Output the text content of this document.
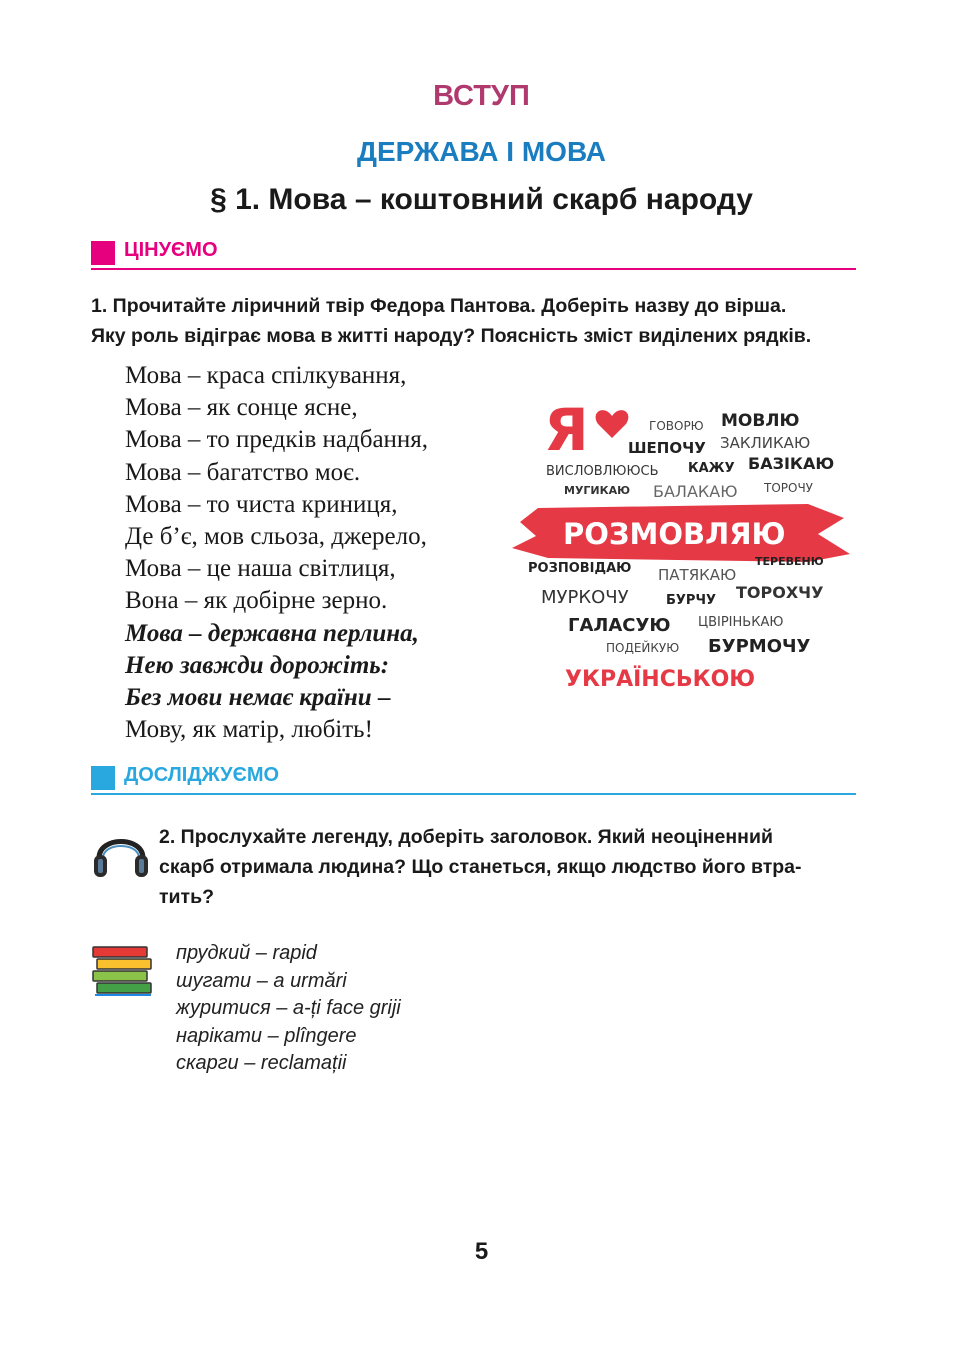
ВСТУП
ДЕРЖАВА І МОВА
§ 1. Мова – коштовний скарб народу
ЦІНУЄМО
1. Прочитайте ліричний твір Федора Пантова. Доберіть назву до вірша.
Яку роль відіграє мова в житті народу? Поясність зміст виділених рядків.
Мова – краса спілкування,
Мова – як сонце ясне,
Мова – то предків надбання,
Мова – багатство моє.
Мова – то чиста криниця,
Де б’є, мов сльоза, джерело,
Мова – це наша світлиця,
Вона – як добірне зерно.
Мова – державна перлина,
Нею завжди дорожіть:
Без мови немає країни –
Мову, як матір, любіть!
Я	ГОВОРЮ МОВЛЮ
ШЕПОЧУ ЗАКЛИКАЮ
ВИСЛОВЛЮЮСЬ КАЖУ БАЗІКАЮ
МУГИКАЮ БАЛАКАЮ ТОРОЧУ
РОЗМОВЛЯЮ
ТЕРЕВЕНЮ
РОЗПОВІДАЮ ПАТЯКАЮ
МУРКОЧУ	БУРЧУ ТОРОХЧУ
ГАЛАСУЮ ЦВІРІНЬКАЮ
ПОДЕЙКУЮ БУРМОЧУ
УКРАЇНСЬКОЮ
ДОСЛІДЖУЄМО
2. Прослухайте легенду, доберіть заголовок. Який неоціненний
скарб отримала людина? Що станеться, якщо людство його втра-
тить?
прудкий – rapid
шугати – a urmări
журитися – a-ți face griji
нарікати – plîngere
скарги – reclamații
5
